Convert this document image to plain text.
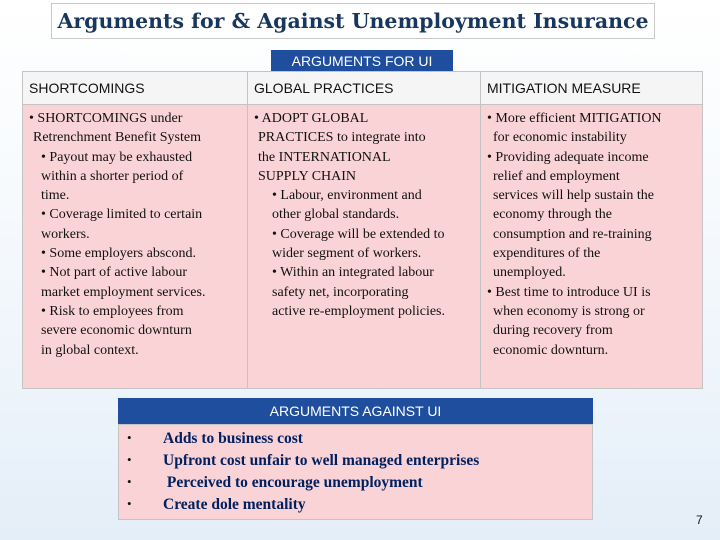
Arguments for & Against Unemployment Insurance
ARGUMENTS FOR UI
SHORTCOMINGS
• SHORTCOMINGS under
Retrenchment Benefit System
• Payout may be exhausted
within a shorter period of
time.
• Coverage limited to certain
workers.
• Some employers abscond.
• Not part of active labour
market employment services.
• Risk to employees from
severe economic downturn
in global context.
GLOBAL PRACTICES
• ADOPT GLOBAL
PRACTICES to integrate into
the INTERNATIONAL
SUPPLY CHAIN
• Labour, environment and
other global standards.
• Coverage will be extended to
wider segment of workers.
• Within an integrated labour
safety net, incorporating
active re-employment policies.
MITIGATION MEASURE
• More efficient MITIGATION
for economic instability
• Providing adequate income
relief and employment
services will help sustain the
economy through the
consumption and re-training
expenditures of the
unemployed.
• Best time to introduce UI is
when economy is strong or
during recovery from
economic downturn.
ARGUMENTS AGAINST UI
• Adds to business cost
• Upfront cost unfair to well managed enterprises
• Perceived to encourage unemployment
• Create dole mentality
7
